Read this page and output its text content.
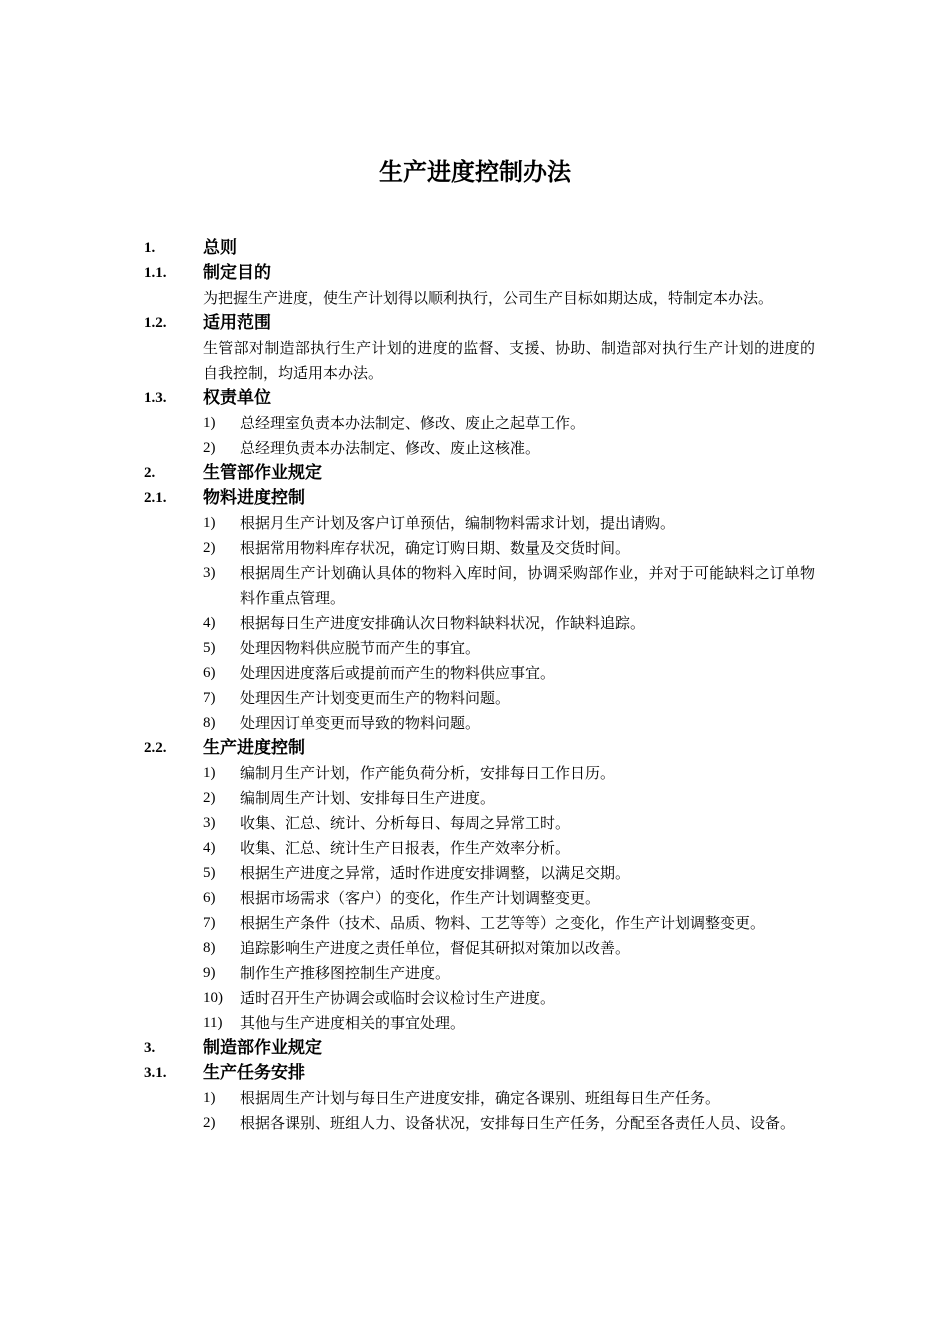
生产进度控制办法
1.	总则
1.1. 制定目的
为把握生产进度，使生产计划得以顺利执行，公司生产目标如期达成，特制定本办法。
1.2. 适用范围
生管部对制造部执行生产计划的进度的监督、支援、协助、制造部对执行生产计划的进度的自我控制，均适用本办法。
1.3. 权责单位
1) 总经理室负责本办法制定、修改、废止之起草工作。
2) 总经理负责本办法制定、修改、废止这核准。
2.	生管部作业规定
2.1. 物料进度控制
1) 根据月生产计划及客户订单预估，编制物料需求计划，提出请购。
2) 根据常用物料库存状况，确定订购日期、数量及交货时间。
3) 根据周生产计划确认具体的物料入库时间，协调采购部作业，并对于可能缺料之订单物料作重点管理。
4) 根据每日生产进度安排确认次日物料缺料状况，作缺料追踪。
5) 处理因物料供应脱节而产生的事宜。
6) 处理因进度落后或提前而产生的物料供应事宜。
7) 处理因生产计划变更而生产的物料问题。
8) 处理因订单变更而导致的物料问题。
2.2. 生产进度控制
1) 编制月生产计划，作产能负荷分析，安排每日工作日历。
2) 编制周生产计划、安排每日生产进度。
3) 收集、汇总、统计、分析每日、每周之异常工时。
4) 收集、汇总、统计生产日报表，作生产效率分析。
5) 根据生产进度之异常，适时作进度安排调整，以满足交期。
6) 根据市场需求（客户）的变化，作生产计划调整变更。
7) 根据生产条件（技术、品质、物料、工艺等等）之变化，作生产计划调整变更。
8) 追踪影响生产进度之责任单位，督促其研拟对策加以改善。
9) 制作生产推移图控制生产进度。
10) 适时召开生产协调会或临时会议检讨生产进度。
11) 其他与生产进度相关的事宜处理。
3.	制造部作业规定
3.1. 生产任务安排
1) 根据周生产计划与每日生产进度安排，确定各课别、班组每日生产任务。
2) 根据各课别、班组人力、设备状况，安排每日生产任务，分配至各责任人员、设备。
